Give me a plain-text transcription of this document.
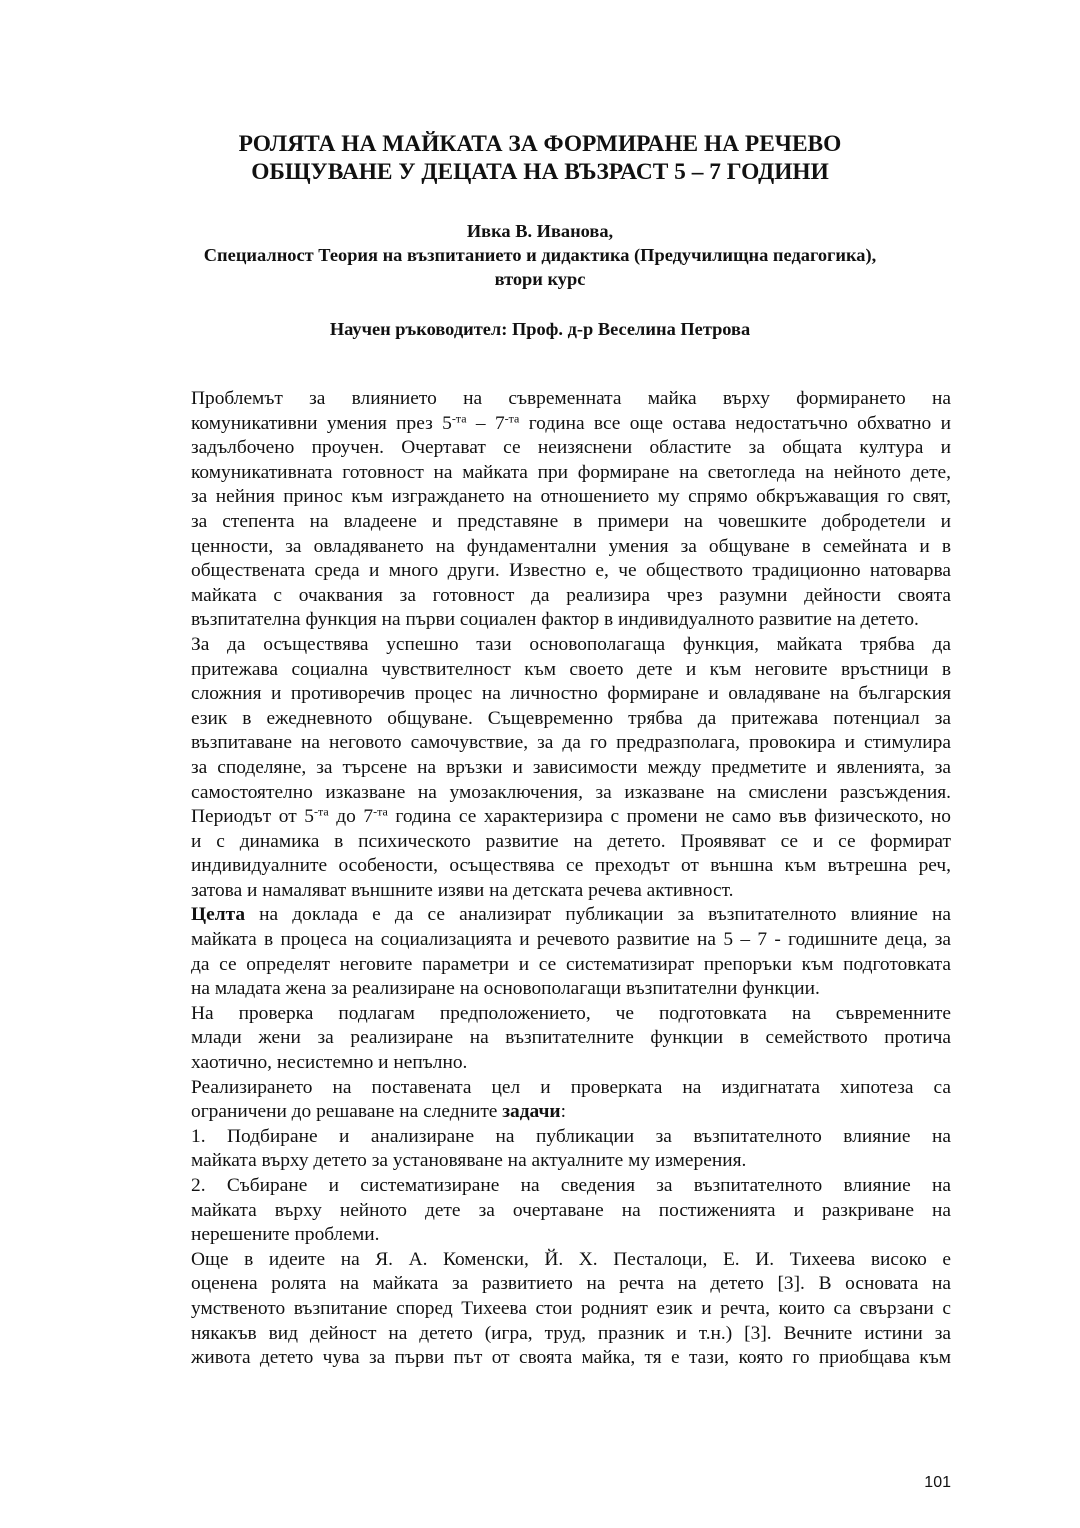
РОЛЯТА НА МАЙКАТА ЗА ФОРМИРАНЕ НА РЕЧЕВО
ОБЩУВАНЕ У ДЕЦАТА НА ВЪЗРАСТ 5 – 7 ГОДИНИ
Ивка В. Иванова,
Специалност Теория на възпитанието и дидактика (Предучилищна педагогика),
втори курс
Научен ръководител: Проф. д-р Веселина Петрова

Проблемът за влиянието на съвременната майка върху формирането на
комуникативни умения през $5^{-та} - 7^{-та}$ година все още остава недостатъчно обхватно и
задълбочено проучен. Очертават се неизяснени областите за общата култура и
комуникативната готовност на майката при формиране на светогледа на нейното дете,
за нейния принос към изграждането на отношението му спрямо обкръжаващия го свят,
за степента на владеене и представяне в примери на човешките добродетели и
ценности, за овладяването на фундаментални умения за общуване в семейната и в
обществената среда и много други. Известно е, че обществото традиционно натоварва
майката с очаквания за готовност да реализира чрез разумни дейности своята
възпитателна функция на първи социален фактор в индивидуалното развитие на детето.

За да осъществява успешно тази основополагаща функция, майката трябва да
притежава социална чувствителност към своето дете и към неговите връстници в
сложния и противоречив процес на личностно формиране и овладяване на българския
език в ежедневното общуване. Същевременно трябва да притежава потенциал за
възпитаване на неговото самочувствие, за да го предразполага, провокира и стимулира
за споделяне, за търсене на връзки и зависимости между предметите и явленията, за
самостоятелно изказване на умозаключения, за изказване на смислени разсъждения.
Периодът от $5^{-та}$ до $7^{-та}$ година се характеризира с промени не само във физическото, но
и с динамика в психическото развитие на детето. Проявяват се и се формират
индивидуалните особености, осъществява се преходът от външна към вътрешна реч,
затова и намаляват външните изяви на детската речева активност.

Целта на доклада е да се анализират публикации за възпитателното влияние на
майката в процеса на социализацията и речевото развитие на 5 – 7 - годишните деца, за
да се определят неговите параметри и се систематизират препоръки към подготовката
на младата жена за реализиране на основополагащи възпитателни функции.

На проверка подлагам предположението, че подготовката на съвременните
млади жени за реализиране на възпитателните функции в семейството протича
хаотично, несистемно и непълно.

Реализирането на поставената цел и проверката на издигнатата хипотеза са
ограничени до решаване на следните задачи:

1. Подбиране и анализиране на публикации за възпитателното влияние на
майката върху детето за установяване на актуалните му измерения.

2. Събиране и систематизиране на сведения за възпитателното влияние на
майката върху нейното дете за очертаване на постиженията и разкриване на
нерешените проблеми.

Още в идеите на Я. А. Коменски, Й. Х. Песталоци, Е. И. Тихеева високо е
оценена ролята на майката за развитието на речта на детето [3]. В основата на
умственото възпитание според Тихеева стои родният език и речта, които са свързани с
някакъв вид дейност на детето (игра, труд, празник и т.н.) [3]. Вечните истини за
живота детето чува за първи път от своята майка, тя е тази, която го приобщава към

101
